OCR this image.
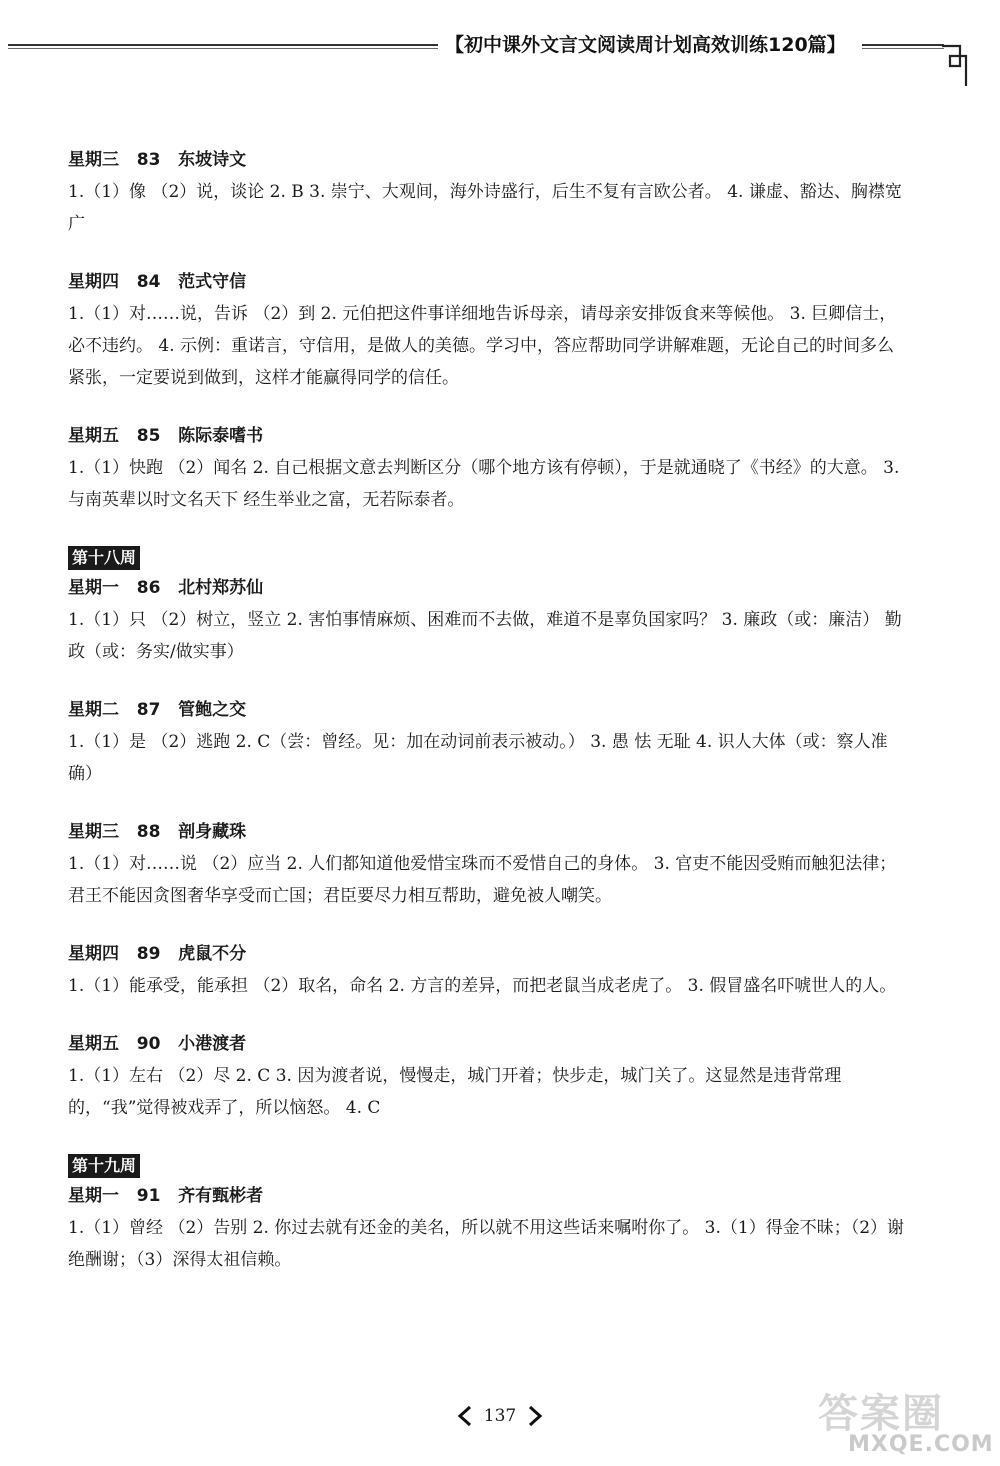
【初中课外文言文阅读周计划高效训练120篇】
星期三   83   东坡诗文
1.（1）像 （2）说，谈论 2. B 3. 崇宁、大观间，海外诗盛行，后生不复有言欧公者。 4. 谦虚、豁达、胸襟宽广
星期四   84   范式守信
1.（1）对……说，告诉 （2）到 2. 元伯把这件事详细地告诉母亲，请母亲安排饭食来等候他。 3. 巨卿信士，必不违约。 4. 示例：重诺言，守信用，是做人的美德。学习中，答应帮助同学讲解难题，无论自己的时间多么紧张，一定要说到做到，这样才能赢得同学的信任。
星期五   85   陈际泰嗜书
1.（1）快跑 （2）闻名 2. 自己根据文意去判断区分（哪个地方该有停顿），于是就通晓了《书经》的大意。 3. 与南英辈以时文名天下 经生举业之富，无若际泰者。
第十八周
星期一   86   北村郑苏仙
1.（1）只 （2）树立，竖立 2. 害怕事情麻烦、困难而不去做，难道不是辜负国家吗？ 3. 廉政（或：廉洁） 勤政（或：务实/做实事）
星期二   87   管鲍之交
1.（1）是 （2）逃跑 2. C（尝：曾经。见：加在动词前表示被动。） 3. 愚 怯 无耻 4. 识人大体（或：察人准确）
星期三   88   剖身藏珠
1.（1）对……说 （2）应当 2. 人们都知道他爱惜宝珠而不爱惜自己的身体。 3. 官吏不能因受贿而触犯法律；君王不能因贪图奢华享受而亡国；君臣要尽力相互帮助，避免被人嘲笑。
星期四   89   虎鼠不分
1.（1）能承受，能承担 （2）取名，命名 2. 方言的差异，而把老鼠当成老虎了。 3. 假冒盛名吓唬世人的人。
星期五   90   小港渡者
1.（1）左右 （2）尽 2. C 3. 因为渡者说，慢慢走，城门开着；快步走，城门关了。这显然是违背常理的，“我”觉得被戏弄了，所以恼怒。 4. C
第十九周
星期一   91   齐有甄彬者
1.（1）曾经 （2）告别 2. 你过去就有还金的美名，所以就不用这些话来嘱咐你了。 3.（1）得金不昧；（2）谢绝酬谢；（3）深得太祖信赖。
137	答案圈
MXQE.COM
